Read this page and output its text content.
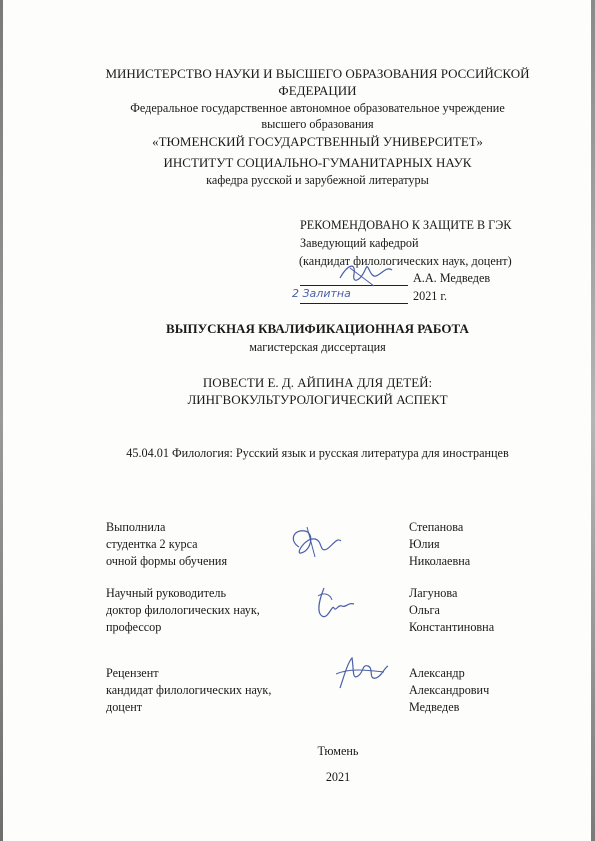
МИНИСТЕРСТВО НАУКИ И ВЫСШЕГО ОБРАЗОВАНИЯ РОССИЙСКОЙ
ФЕДЕРАЦИИ
Федеральное государственное автономное образовательное учреждение
высшего образования
«ТЮМЕНСКИЙ ГОСУДАРСТВЕННЫЙ УНИВЕРСИТЕТ»
ИНСТИТУТ СОЦИАЛЬНО-ГУМАНИТАРНЫХ НАУК
кафедра русской и зарубежной литературы
РЕКОМЕНДОВАНО К ЗАЩИТЕ В ГЭК
Заведующий кафедрой
(кандидат филологических наук, доцент)
А.А. Медведев
2 Залитна	2021 г.
ВЫПУСКНАЯ КВАЛИФИКАЦИОННАЯ РАБОТА
магистерская диссертация
ПОВЕСТИ Е. Д. АЙПИНА ДЛЯ ДЕТЕЙ:
ЛИНГВОКУЛЬТУРОЛОГИЧЕСКИЙ АСПЕКТ
45.04.01 Филология: Русский язык и русская литература для иностранцев
Выполнила
студентка 2 курса
очной формы обучения
Степанова
Юлия
Николаевна
Научный руководитель
доктор филологических наук,
профессор
Лагунова
Ольга
Константиновна
Рецензент
кандидат филологических наук,
доцент
Александр
Александрович
Медведев
Тюмень
2021
